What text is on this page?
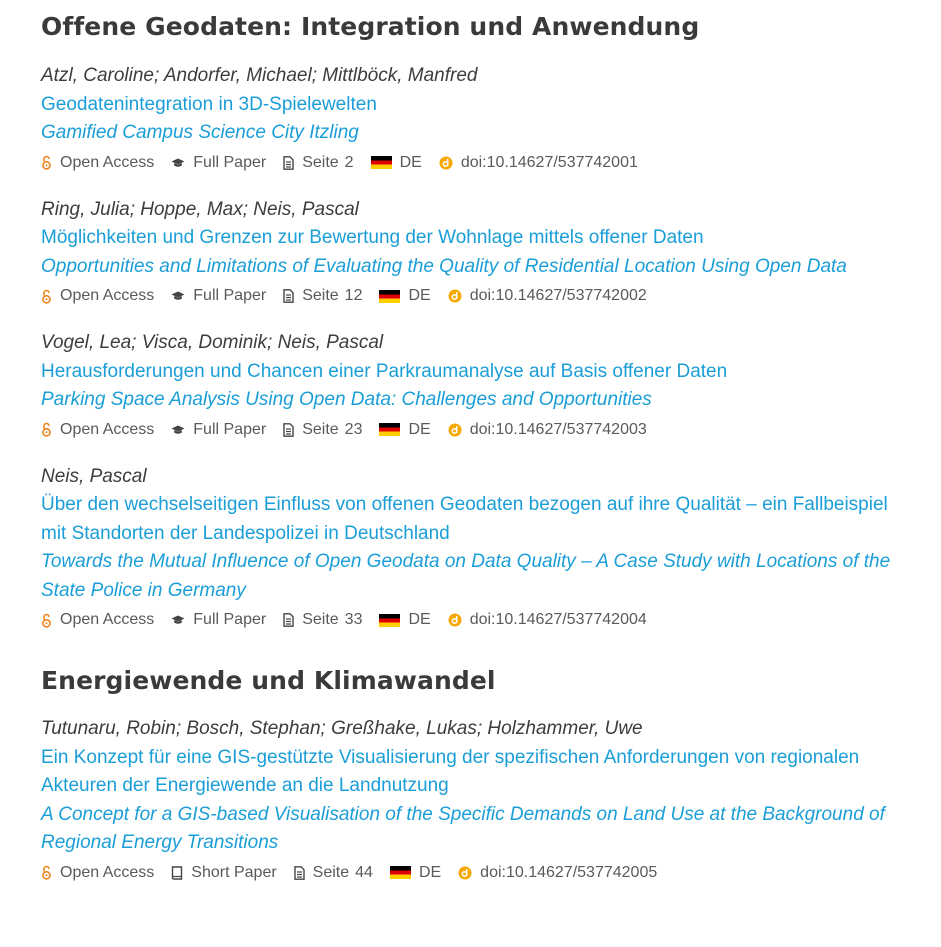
Offene Geodaten: Integration und Anwendung
Atzl, Caroline; Andorfer, Michael; Mittlböck, Manfred
Geodatenintegration in 3D-Spielewelten
Gamified Campus Science City Itzling
Open Access Full Paper Seite 2	DE doi:10.14627/537742001
Ring, Julia; Hoppe, Max; Neis, Pascal
Möglichkeiten und Grenzen zur Bewertung der Wohnlage mittels offener Daten
Opportunities and Limitations of Evaluating the Quality of Residential Location Using Open Data
Open Access Full Paper Seite 12	DE doi:10.14627/537742002
Vogel, Lea; Visca, Dominik; Neis, Pascal
Herausforderungen und Chancen einer Parkraumanalyse auf Basis offener Daten
Parking Space Analysis Using Open Data: Challenges and Opportunities
Open Access Full Paper Seite 23	DE doi:10.14627/537742003
Neis, Pascal
Über den wechselseitigen Einfluss von offenen Geodaten bezogen auf ihre Qualität – ein Fallbeispiel mit Standorten der Landespolizei in Deutschland
Towards the Mutual Influence of Open Geodata on Data Quality – A Case Study with Locations of the State Police in Germany
Open Access Full Paper Seite 33	DE doi:10.14627/537742004
Energiewende und Klimawandel
Tutunaru, Robin; Bosch, Stephan; Greßhake, Lukas; Holzhammer, Uwe
Ein Konzept für eine GIS-gestützte Visualisierung der spezifischen Anforderungen von regionalen Akteuren der Energiewende an die Landnutzung
A Concept for a GIS-based Visualisation of the Specific Demands on Land Use at the Background of Regional Energy Transitions
Open Access Short Paper Seite 44	DE doi:10.14627/537742005
